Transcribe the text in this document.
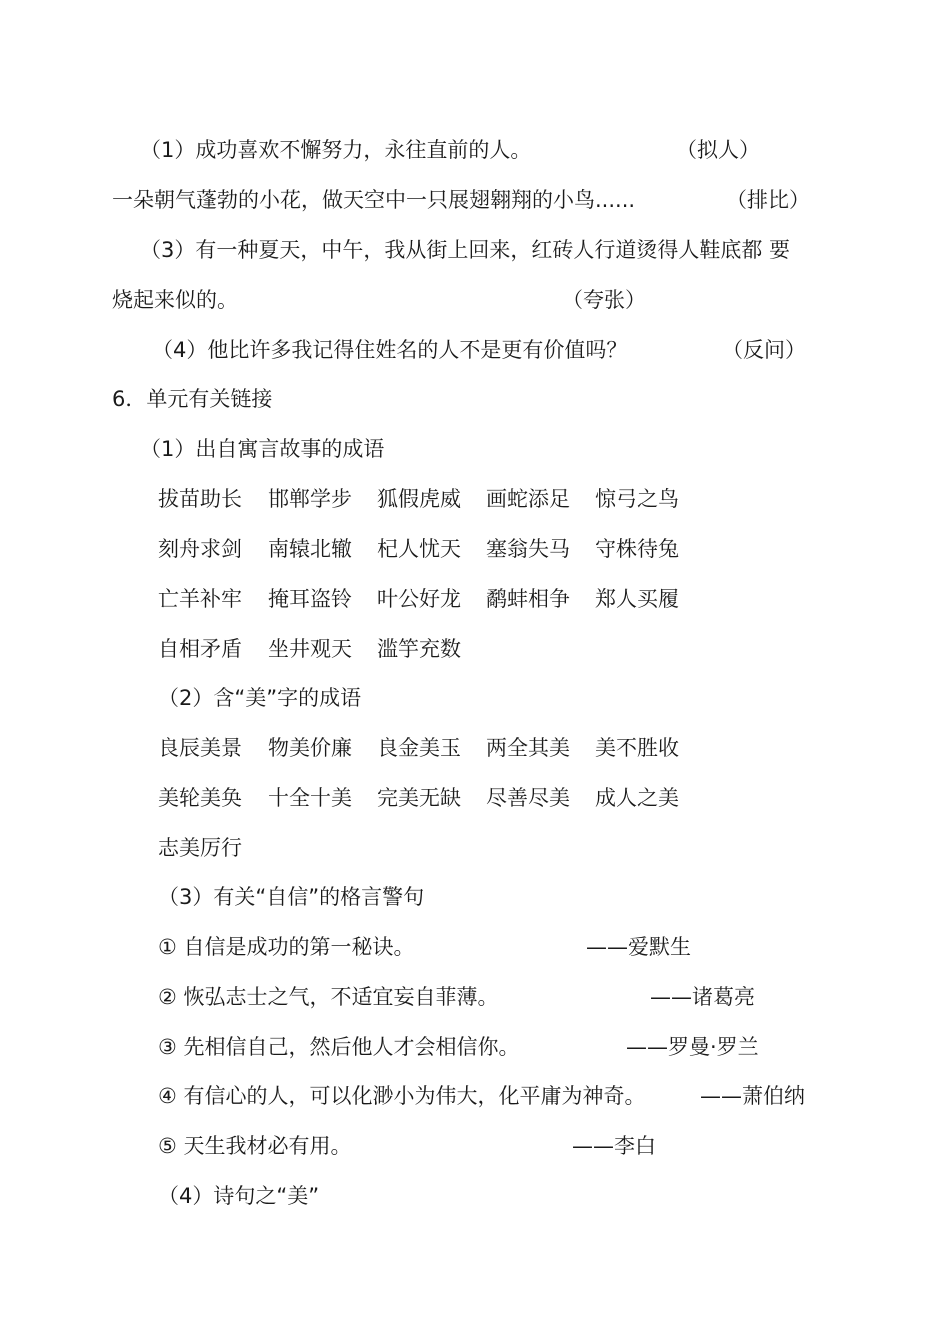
（1）成功喜欢不懈努力，永往直前的人。	（拟人）
一朵朝气蓬勃的小花，做天空中一只展翅翱翔的小鸟......	（排比）
（3）有一种夏天，中午，我从街上回来，红砖人行道烫得人鞋底都 要
烧起来似的。	（夸张）
（4）他比许多我记得住姓名的人不是更有价值吗？	（反问）
6．单元有关链接
（1）出自寓言故事的成语
拔苗助长 邯郸学步 狐假虎威 画蛇添足 惊弓之鸟
刻舟求剑 南辕北辙 杞人忧天 塞翁失马 守株待兔
亡羊补牢 掩耳盗铃 叶公好龙 鹬蚌相争 郑人买履
自相矛盾 坐井观天 滥竽充数
（2）含“美”字的成语
良辰美景 物美价廉 良金美玉 两全其美 美不胜收
美轮美奂 十全十美 完美无缺 尽善尽美 成人之美
志美厉行
（3）有关“自信”的格言警句
① 自信是成功的第一秘诀。	——爱默生
② 恢弘志士之气，不适宜妄自菲薄。	——诸葛亮
③ 先相信自己，然后他人才会相信你。	——罗曼·罗兰
④ 有信心的人，可以化渺小为伟大，化平庸为神奇。	——萧伯纳
⑤ 天生我材必有用。	——李白
（4）诗句之“美”
